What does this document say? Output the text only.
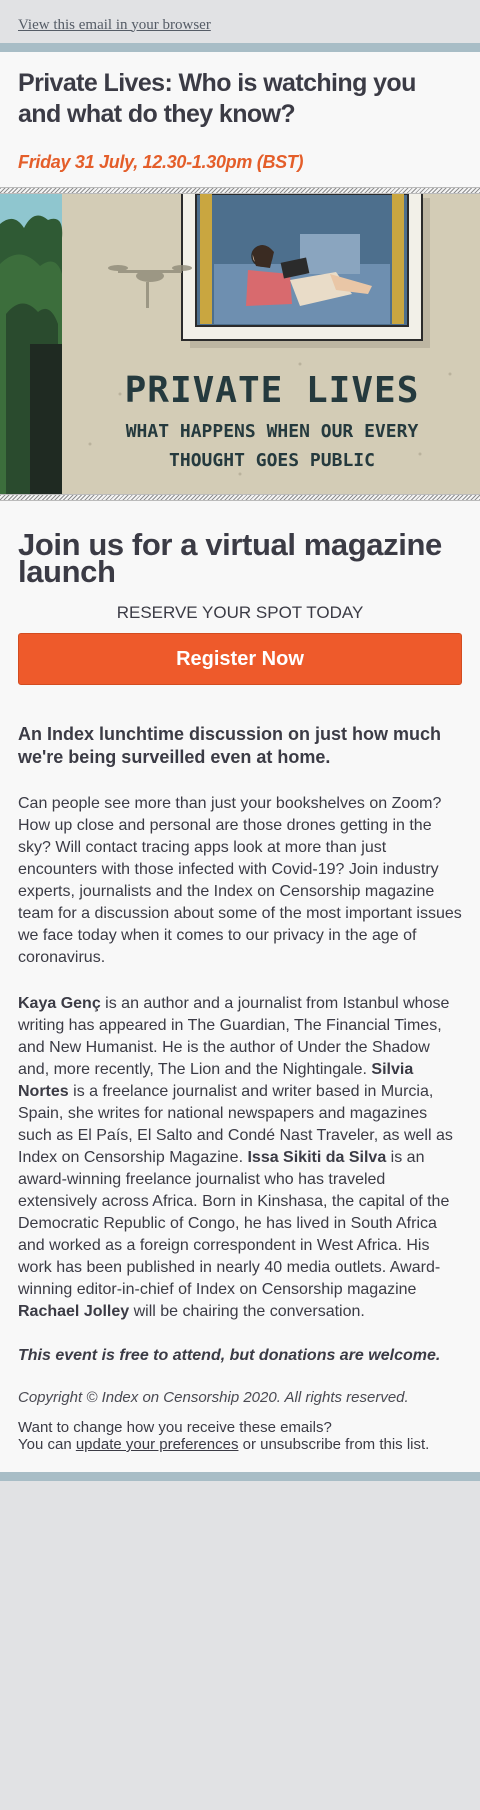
View this email in your browser
Private Lives: Who is watching you and what do they know?
Friday 31 July, 12.30-1.30pm (BST)
PRIVATE LIVES
WHAT HAPPENS WHEN OUR EVERY
THOUGHT GOES PUBLIC
Join us for a virtual magazine launch
RESERVE YOUR SPOT TODAY
Register Now
An Index lunchtime discussion on just how much we're being surveilled even at home.
Can people see more than just your bookshelves on Zoom? How up close and personal are those drones getting in the sky? Will contact tracing apps look at more than just encounters with those infected with Covid-19? Join industry experts, journalists and the Index on Censorship magazine team for a discussion about some of the most important issues we face today when it comes to our privacy in the age of coronavirus.
Kaya Genç is an author and a journalist from Istanbul whose writing has appeared in The Guardian, The Financial Times, and New Humanist. He is the author of Under the Shadow and, more recently, The Lion and the Nightingale. Silvia Nortes is a freelance journalist and writer based in Murcia, Spain, she writes for national newspapers and magazines such as El País, El Salto and Condé Nast Traveler, as well as Index on Censorship Magazine. Issa Sikiti da Silva is an award-winning freelance journalist who has traveled extensively across Africa. Born in Kinshasa, the capital of the Democratic Republic of Congo, he has lived in South Africa and worked as a foreign correspondent in West Africa. His work has been published in nearly 40 media outlets. Award-winning editor-in-chief of Index on Censorship magazine Rachael Jolley will be chairing the conversation.
This event is free to attend, but donations are welcome.
Copyright © Index on Censorship 2020. All rights reserved.
Want to change how you receive these emails?
You can update your preferences or unsubscribe from this list.
